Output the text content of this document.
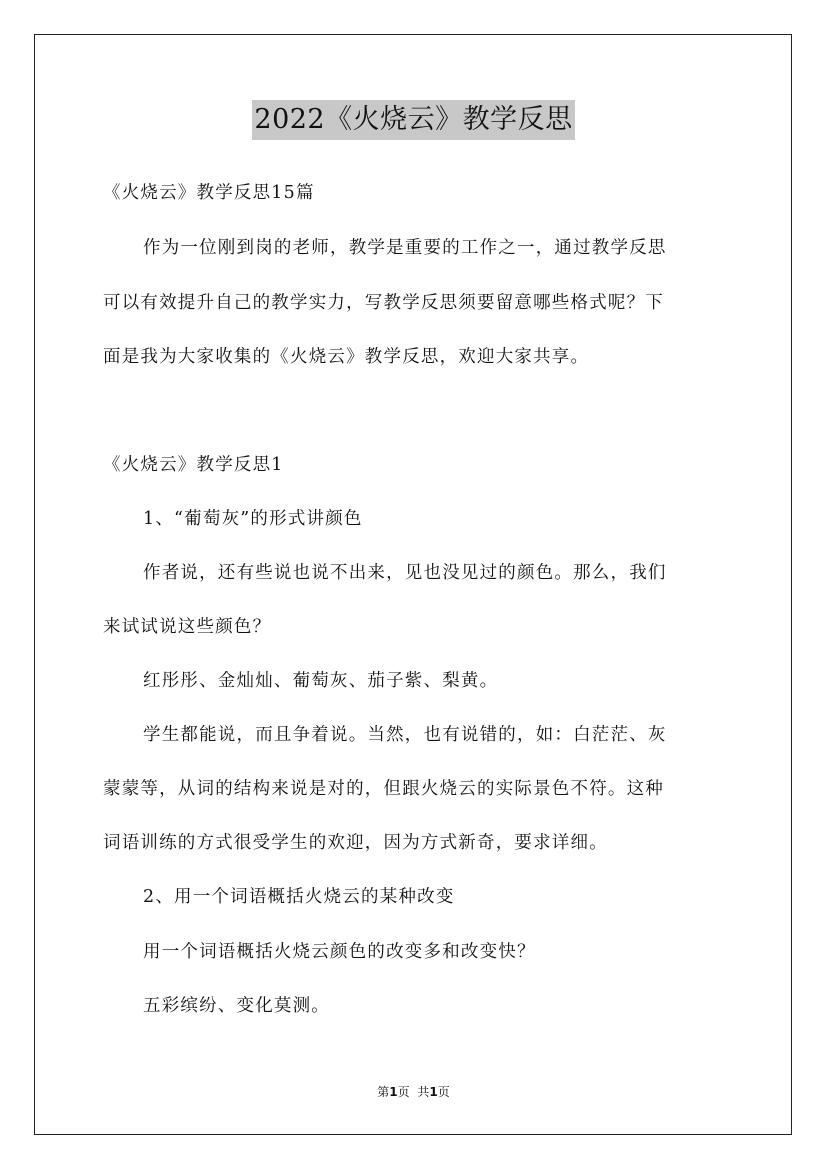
2022《火烧云》教学反思
《火烧云》教学反思15篇
作为一位刚到岗的老师，教学是重要的工作之一，通过教学反思
可以有效提升自己的教学实力，写教学反思须要留意哪些格式呢？下
面是我为大家收集的《火烧云》教学反思，欢迎大家共享。
《火烧云》教学反思1
1、“葡萄灰”的形式讲颜色
作者说，还有些说也说不出来，见也没见过的颜色。那么，我们
来试试说这些颜色？
红彤彤、金灿灿、葡萄灰、茄子紫、梨黄。
学生都能说，而且争着说。当然，也有说错的，如：白茫茫、灰
蒙蒙等，从词的结构来说是对的，但跟火烧云的实际景色不符。这种
词语训练的方式很受学生的欢迎，因为方式新奇，要求详细。
2、用一个词语概括火烧云的某种改变
用一个词语概括火烧云颜色的改变多和改变快？
五彩缤纷、变化莫测。
第1页 共1页
